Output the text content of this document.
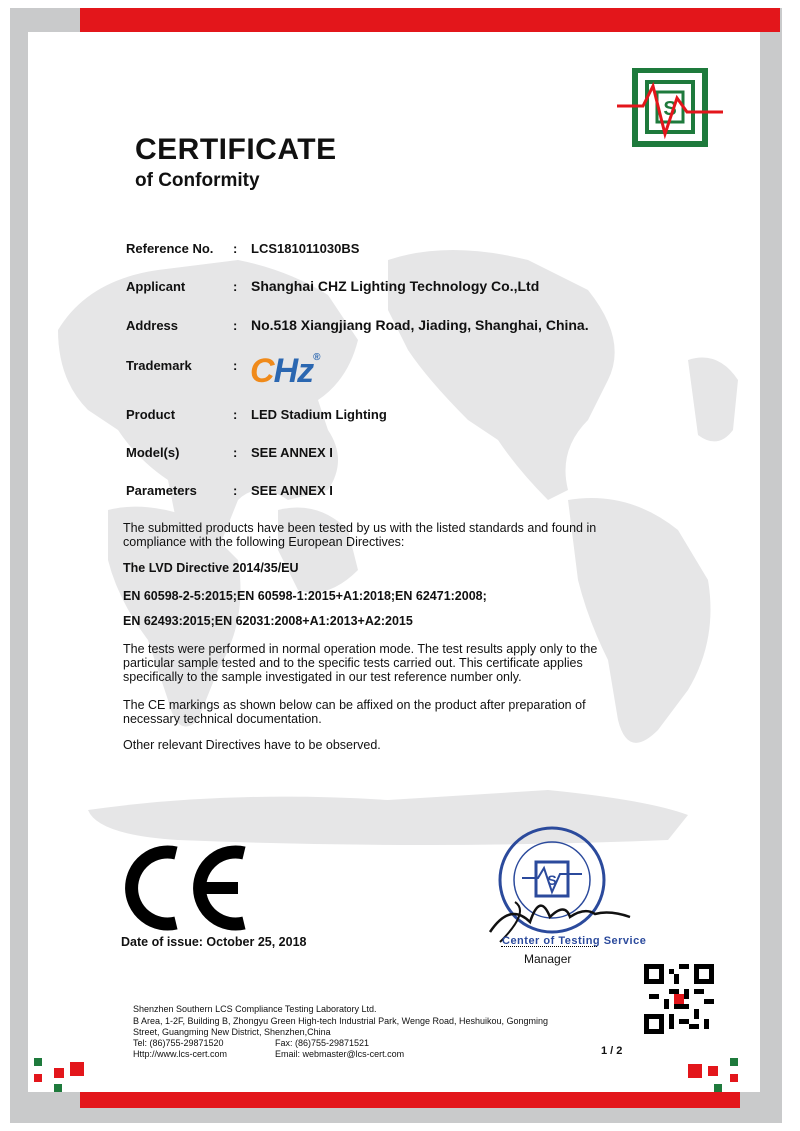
S
CERTIFICATE
of Conformity
Reference No. : LCS181011030BS
Applicant	: Shanghai CHZ Lighting Technology Co.,Ltd
Address	: No.518 Xiangjiang Road, Jiading, Shanghai, China.
Trademark	: CHz®
Product	: LED Stadium Lighting
Model(s)	: SEE ANNEX I
Parameters	: SEE ANNEX I
The submitted products have been tested by us with the listed standards and found in
compliance with the following European Directives:
The LVD Directive 2014/35/EU
EN 60598-2-5:2015;EN 60598-1:2015+A1:2018;EN 62471:2008;
EN 62493:2015;EN 62031:2008+A1:2013+A2:2015
The tests were performed in normal operation mode. The test results apply only to the
particular sample tested and to the specific tests carried out. This certificate applies
specifically to the sample investigated in our test reference number only.
The CE markings as shown below can be affixed on the product after preparation of
necessary technical documentation.
Other relevant Directives have to be observed.
Date of issue: October 25, 2018
S
Center of Testing Service
Manager
Shenzhen Southern LCS Compliance Testing Laboratory Ltd.
B Area, 1-2F, Building B, Zhongyu Green High-tech Industrial Park, Wenge Road, Heshuikou, Gongming
Street, Guangming New District, Shenzhen,China
Tel: (86)755-29871520	Fax: (86)755-29871521
Http://www.lcs-cert.com	Email: webmaster@lcs-cert.com	1 / 2
